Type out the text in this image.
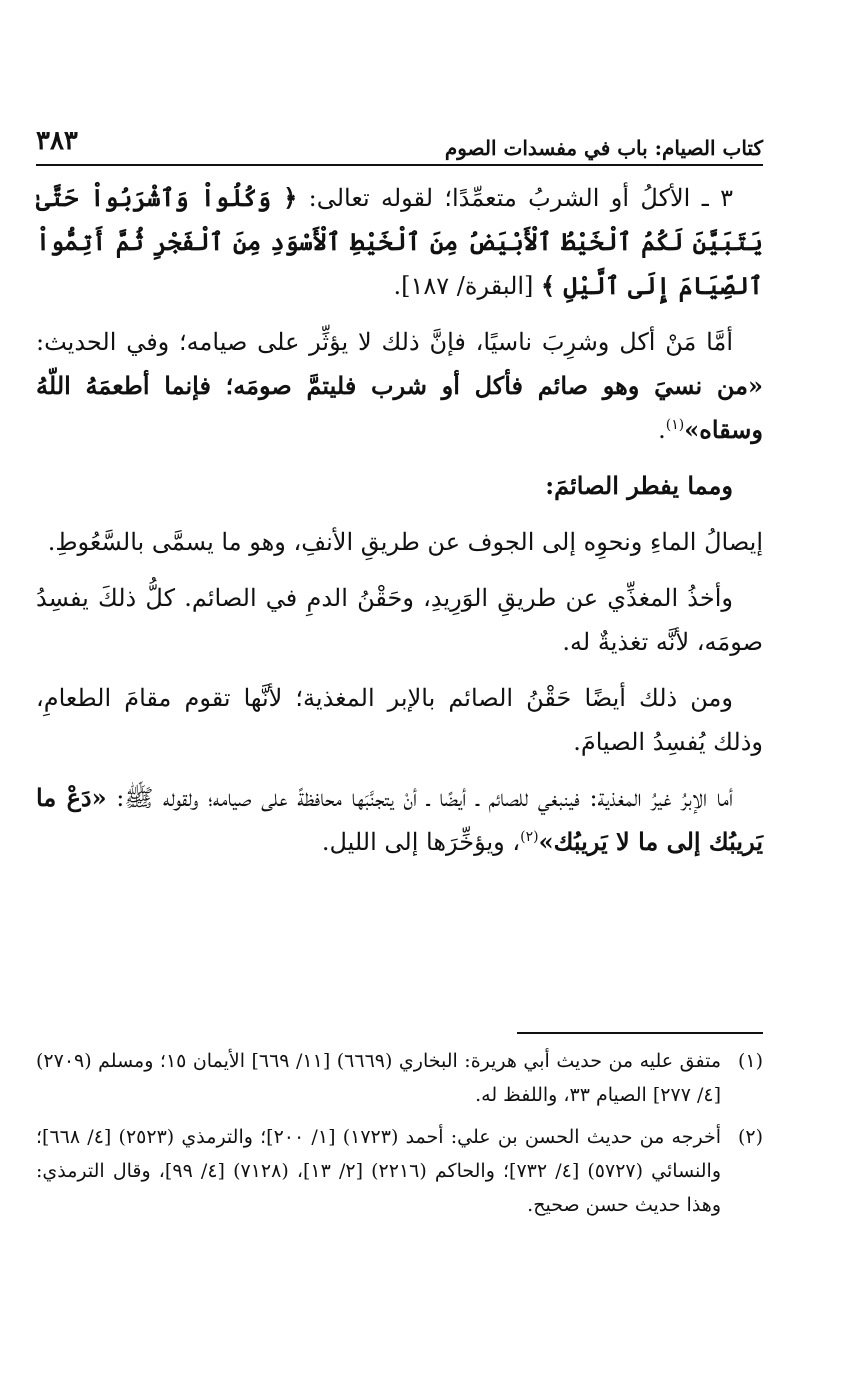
كتاب الصيام: باب في مفسدات الصوم
٣٨٣

٣ ـ الأكلُ أو الشربُ متعمِّدًا؛ لقوله تعالى: ﴿ وَكُلُواْ وَٱشْرَبُواْ حَتَّىٰ يَتَبَيَّنَ لَكُمُ ٱلْخَيْطُ ٱلْأَبْيَضُ مِنَ ٱلْخَيْطِ ٱلْأَسْوَدِ مِنَ ٱلْفَجْرِ ثُمَّ أَتِمُّواْ ٱلصِّيَامَ إِلَى ٱلَّيْلِ ﴾ [البقرة/ ١٨٧].

أمَّا مَنْ أكل وشرِبَ ناسيًا، فإنَّ ذلك لا يؤثِّر على صيامه؛ وفي الحديث: «من نسيَ وهو صائم فأكل أو شرب فليتمَّ صومَه؛ فإنما أطعمَهُ اللّهُ وسقاه»$^{(١)}$.

ومما يفطر الصائمَ:

إيصالُ الماءِ ونحوِه إلى الجوف عن طريقِ الأنفِ، وهو ما يسمَّى بالسَّعُوطِ.

وأخذُ المغذِّي عن طريقِ الوَرِيدِ، وحَقْنُ الدمِ في الصائم. كلُّ ذلكَ يفسِدُ صومَه، لأنَّه تغذيةٌ له.

ومن ذلك أيضًا حَقْنُ الصائم بالإبر المغذية؛ لأنَّها تقوم مقامَ الطعامِ، وذلك يُفسِدُ الصيامَ.

أما الإبرُ غيرُ المغذية: فينبغي للصائم ـ أيضًا ـ أنْ يتجنَّبَها محافظةً على صيامه؛ ولقوله ﷺ: «دَعْ ما يَريبُك إلى ما لا يَريبُك»$^{(٢)}$، ويؤخِّرَها إلى الليل.

(١)
متفق عليه من حديث أبي هريرة: البخاري (٦٦٦٩) [١١/ ٦٦٩] الأيمان ١٥؛ ومسلم (٢٧٠٩) [٤/ ٢٧٧] الصيام ٣٣، واللفظ له.
(٢)
أخرجه من حديث الحسن بن علي: أحمد (١٧٢٣) [١/ ٢٠٠]؛ والترمذي (٢٥٢٣) [٤/ ٦٦٨]؛ والنسائي (٥٧٢٧) [٤/ ٧٣٢]؛ والحاكم (٢٢١٦) [٢/ ١٣]، (٧١٢٨) [٤/ ٩٩]، وقال الترمذي: وهذا حديث حسن صحيح.
